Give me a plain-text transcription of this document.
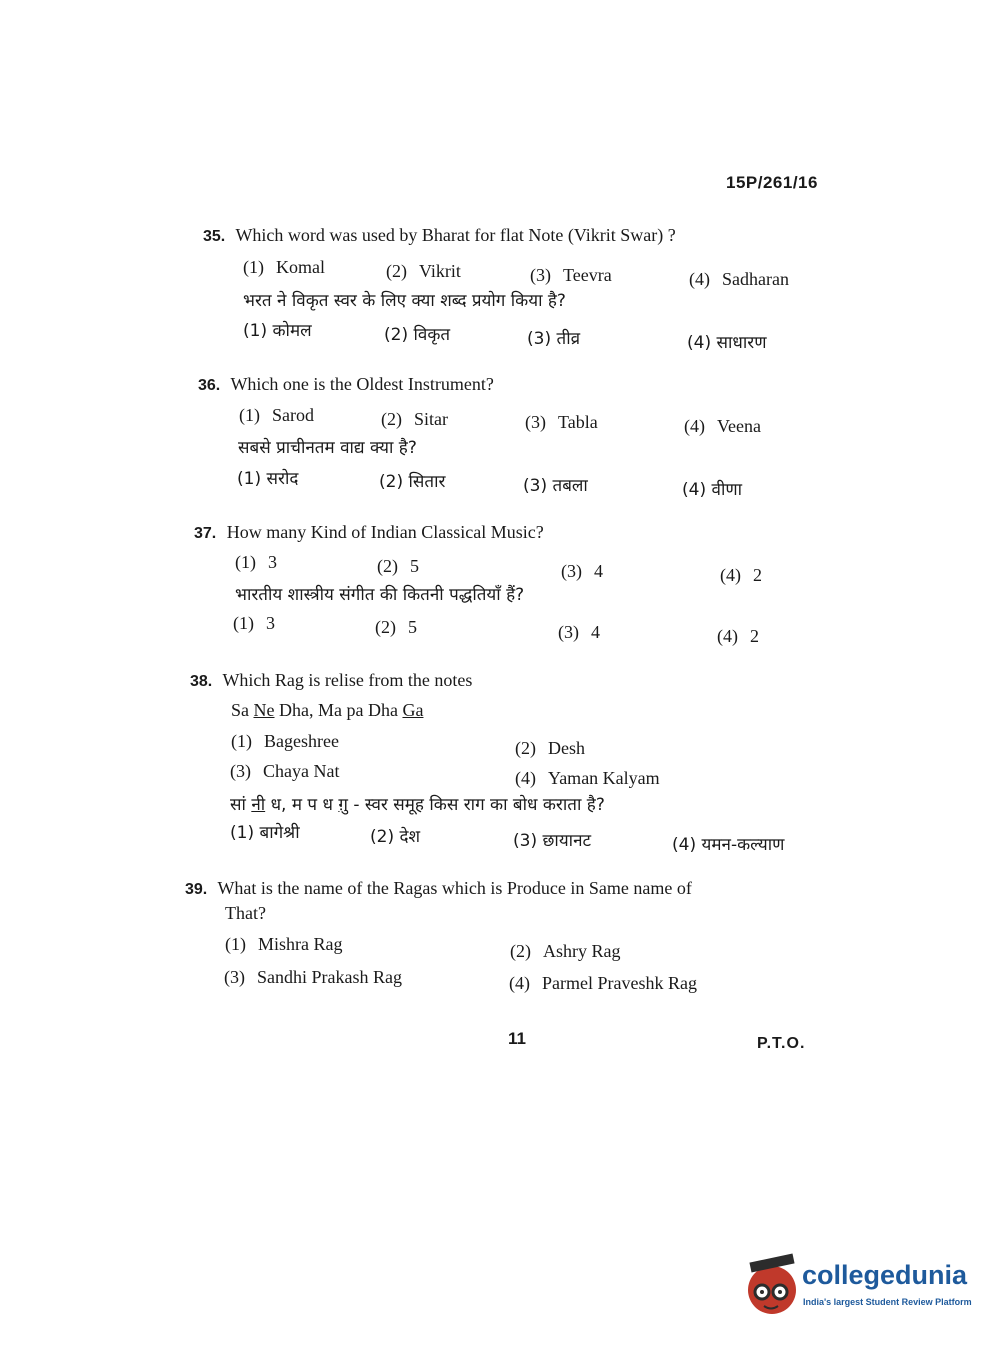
15P/261/16
35. Which word was used by Bharat for flat Note (Vikrit Swar) ?
(1) Komal	(2) Vikrit	(3) Teevra	(4) Sadharan
भरत ने विकृत स्वर के लिए क्या शब्द प्रयोग किया है?
(1) कोमल	(2) विकृत	(3) तीव्र	(4) साधारण
36. Which one is the Oldest Instrument?
(1) Sarod	(2) Sitar	(3) Tabla	(4) Veena
सबसे प्राचीनतम वाद्य क्या है?
(1) सरोद	(2) सितार	(3) तबला	(4) वीणा
37. How many Kind of Indian Classical Music?
(1) 3	(2) 5	(3) 4	(4) 2
भारतीय शास्त्रीय संगीत की कितनी पद्धतियाँ हैं?
(1) 3	(2) 5	(3) 4	(4) 2
38. Which Rag is relise from the notes
Sa Ne Dha, Ma pa Dha Ga
(1) Bageshree	(2) Desh
(3) Chaya Nat	(4) Yaman Kalyam
सां नी ध, म प ध ग़ु - स्वर समूह किस राग का बोध कराता है?
(1) बागेश्री	(2) देश	(3) छायानट	(4) यमन-कल्याण
39. What is the name of the Ragas which is Produce in Same name of
That?
(1) Mishra Rag	(2) Ashry Rag
(3) Sandhi Prakash Rag	(4) Parmel Praveshk Rag
11	P.T.O.
collegedunia
India's largest Student Review Platform
